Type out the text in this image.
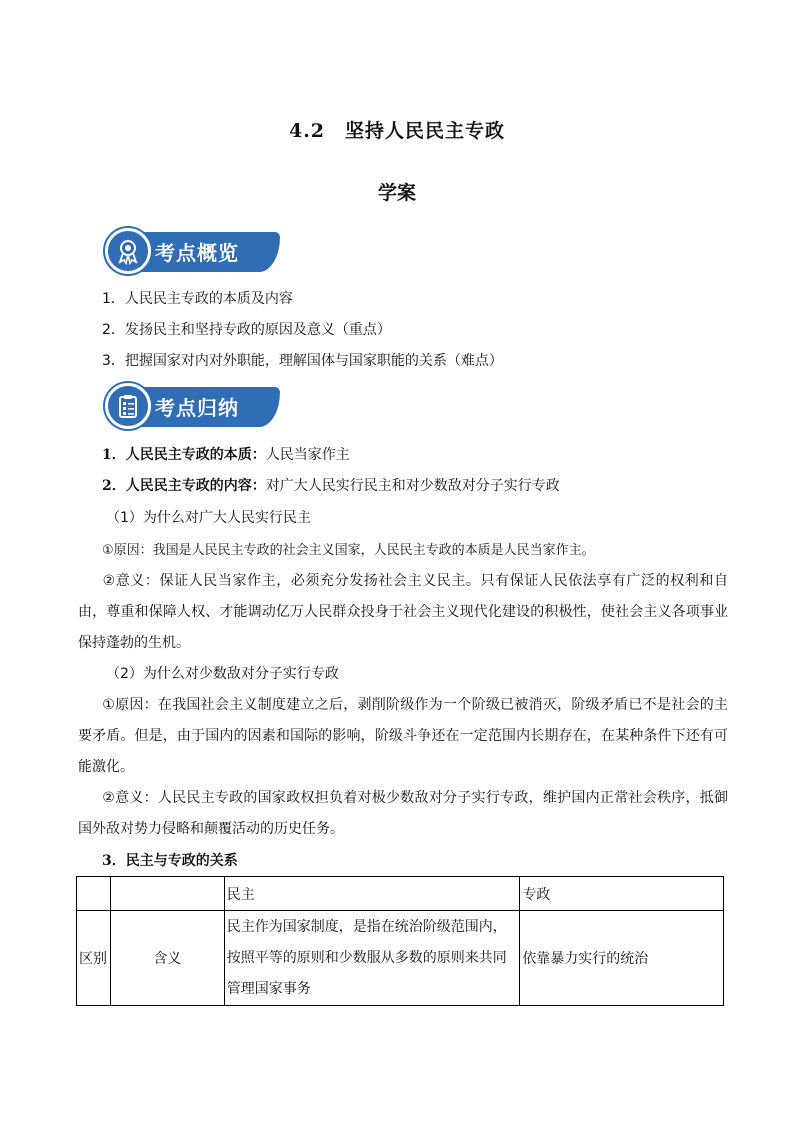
4.2　坚持人民民主专政
学案
考点概览
1．人民民主专政的本质及内容
2．发扬民主和坚持专政的原因及意义（重点）
3．把握国家对内对外职能，理解国体与国家职能的关系（难点）
考点归纳
1．人民民主专政的本质：人民当家作主
2．人民民主专政的内容：对广大人民实行民主和对少数敌对分子实行专政
（1）为什么对广大人民实行民主
①原因：我国是人民民主专政的社会主义国家，人民民主专政的本质是人民当家作主。
②意义：保证人民当家作主，必须充分发扬社会主义民主。只有保证人民依法享有广泛的权利和自由，尊重和保障人权、才能调动亿万人民群众投身于社会主义现代化建设的积极性，使社会主义各项事业保持蓬勃的生机。
（2）为什么对少数敌对分子实行专政
①原因：在我国社会主义制度建立之后，剥削阶级作为一个阶级已被消灭，阶级矛盾已不是社会的主要矛盾。但是，由于国内的因素和国际的影响，阶级斗争还在一定范围内长期存在，在某种条件下还有可能激化。
②意义：人民民主专政的国家政权担负着对极少数敌对分子实行专政，维护国内正常社会秩序，抵御国外敌对势力侵略和颠覆活动的历史任务。
3．民主与专政的关系
		民主	专政
区别	含义	民主作为国家制度，是指在统治阶级范围内，按照平等的原则和少数服从多数的原则来共同管理国家事务	依靠暴力实行的统治
